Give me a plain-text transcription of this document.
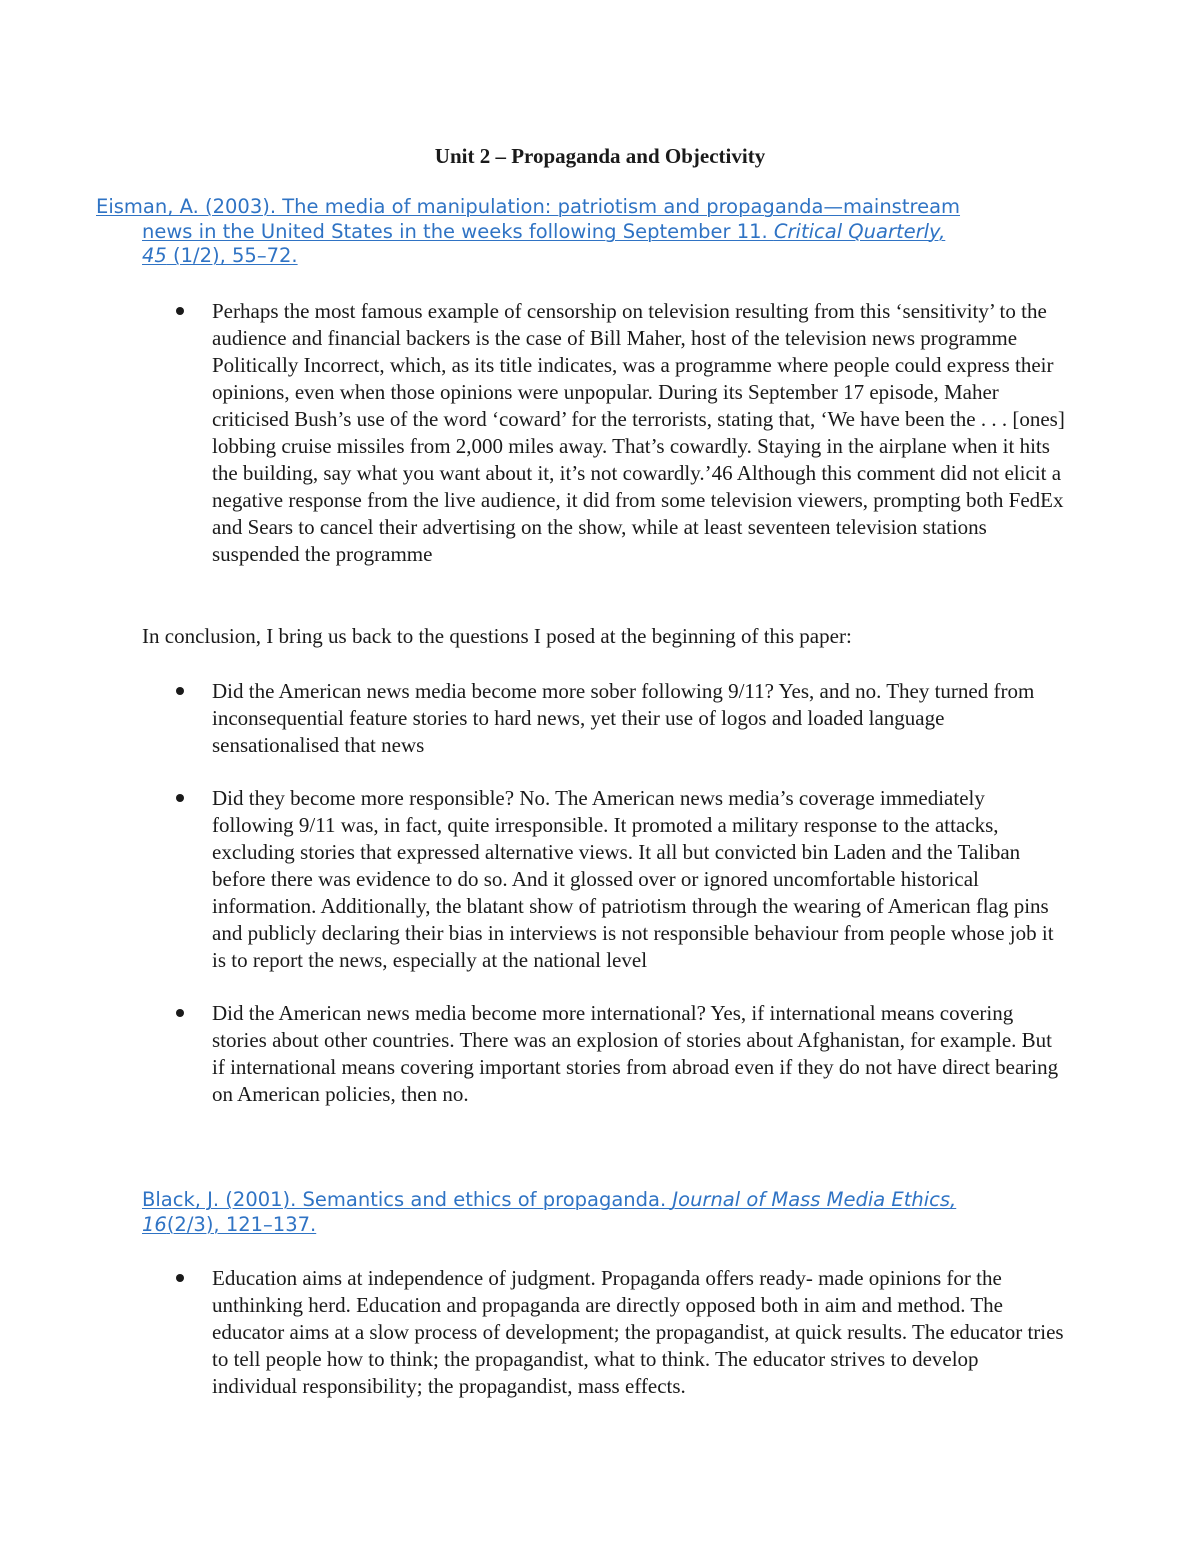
Unit 2 – Propaganda and Objectivity
Eisman, A. (2003). The media of manipulation: patriotism and propaganda—mainstream
news in the United States in the weeks following September 11. Critical Quarterly,
45 (1/2), 55–72.
Perhaps the most famous example of censorship on television resulting from this ‘sensitivity’ to the audience and financial backers is the case of Bill Maher, host of the television news programme Politically Incorrect, which, as its title indicates, was a programme where people could express their opinions, even when those opinions were unpopular. During its September 17 episode, Maher criticised Bush’s use of the word ‘coward’ for the terrorists, stating that, ‘We have been the . . . [ones] lobbing cruise missiles from 2,000 miles away. That’s cowardly. Staying in the airplane when it hits the building, say what you want about it, it’s not cowardly.’46 Although this comment did not elicit a negative response from the live audience, it did from some television viewers, prompting both FedEx and Sears to cancel their advertising on the show, while at least seventeen television stations suspended the programme
In conclusion, I bring us back to the questions I posed at the beginning of this paper:
Did the American news media become more sober following 9/11? Yes, and no. They turned from inconsequential feature stories to hard news, yet their use of logos and loaded language sensationalised that news
Did they become more responsible? No. The American news media’s coverage immediately following 9/11 was, in fact, quite irresponsible. It promoted a military response to the attacks, excluding stories that expressed alternative views. It all but convicted bin Laden and the Taliban before there was evidence to do so. And it glossed over or ignored uncomfortable historical information. Additionally, the blatant show of patriotism through the wearing of American flag pins and publicly declaring their bias in interviews is not responsible behaviour from people whose job it is to report the news, especially at the national level
Did the American news media become more international? Yes, if international means covering stories about other countries. There was an explosion of stories about Afghanistan, for example. But if international means covering important stories from abroad even if they do not have direct bearing on American policies, then no.
Black, J. (2001). Semantics and ethics of propaganda. Journal of Mass Media Ethics,
16(2/3), 121–137.
Education aims at independence of judgment. Propaganda offers ready- made opinions for the unthinking herd. Education and propaganda are directly opposed both in aim and method. The educator aims at a slow process of development; the propagandist, at quick results. The educator tries to tell people how to think; the propagandist, what to think. The educator strives to develop individual responsibility; the propagandist, mass effects.
